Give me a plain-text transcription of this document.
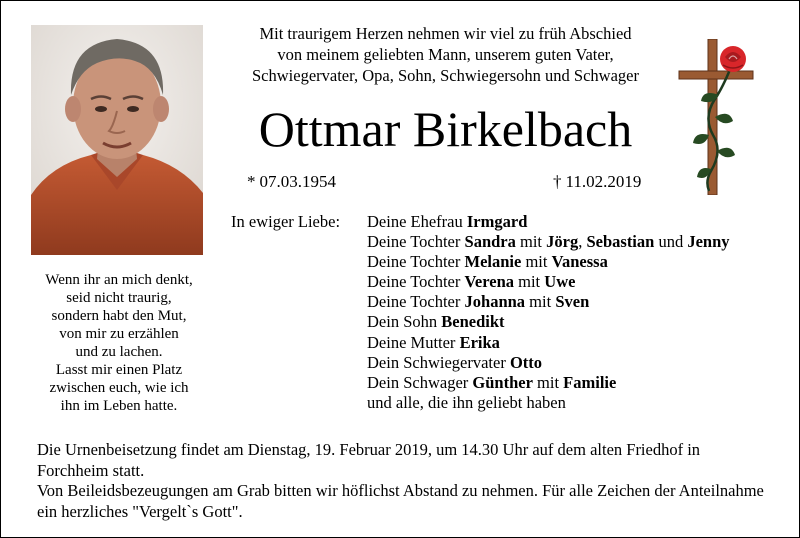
Wenn ihr an mich denkt,
seid nicht traurig,
sondern habt den Mut,
von mir zu erzählen
und zu lachen.
Lasst mir einen Platz
zwischen euch, wie ich
ihn im Leben hatte.
Mit traurigem Herzen nehmen wir viel zu früh Abschied
von meinem geliebten Mann, unserem guten Vater,
Schwiegervater, Opa, Sohn, Schwiegersohn und Schwager
Ottmar Birkelbach
* 07.03.1954	† 11.02.2019
In ewiger Liebe: Deine Ehefrau Irmgard
Deine Tochter Sandra mit Jörg, Sebastian und Jenny
Deine Tochter Melanie mit Vanessa
Deine Tochter Verena mit Uwe
Deine Tochter Johanna mit Sven
Dein Sohn Benedikt
Deine Mutter Erika
Dein Schwiegervater Otto
Dein Schwager Günther mit Familie
und alle, die ihn geliebt haben
Die Urnenbeisetzung findet am Dienstag, 19. Februar 2019, um 14.30 Uhr auf dem alten Friedhof in Forchheim statt.
Von Beileidsbezeugungen am Grab bitten wir höflichst Abstand zu nehmen. Für alle Zeichen der Anteilnahme ein herzliches "Vergelt`s Gott".
